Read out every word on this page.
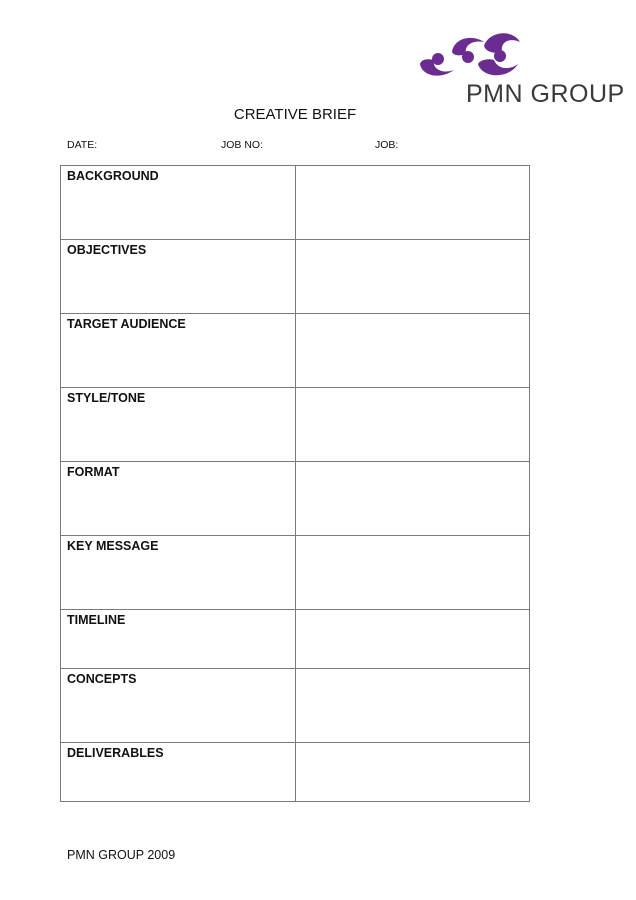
PMN GROUP
CREATIVE BRIEF
DATE:	JOB NO:	JOB:
BACKGROUND	

OBJECTIVES	

TARGET AUDIENCE	

STYLE/TONE	

FORMAT	

KEY MESSAGE	

TIMELINE	

CONCEPTS	

DELIVERABLES	

PMN GROUP 2009
